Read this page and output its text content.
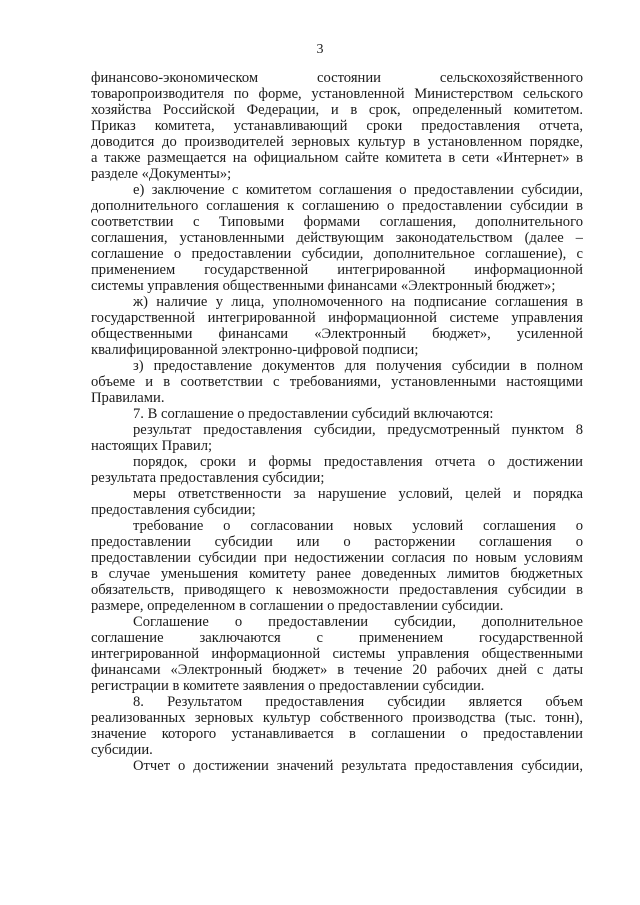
3
финансово-экономическом состоянии сельскохозяйственного
товаропроизводителя по форме, установленной Министерством сельского
хозяйства Российской Федерации, и в срок, определенный комитетом.
Приказ комитета, устанавливающий сроки предоставления отчета,
доводится до производителей зерновых культур в установленном порядке,
а также размещается на официальном сайте комитета в сети «Интернет» в
разделе «Документы»;
е) заключение с комитетом соглашения о предоставлении субсидии,
дополнительного соглашения к соглашению о предоставлении субсидии в
соответствии с Типовыми формами соглашения, дополнительного
соглашения, установленными действующим законодательством (далее –
соглашение о предоставлении субсидии, дополнительное соглашение), с
применением государственной интегрированной информационной
системы управления общественными финансами «Электронный бюджет»;
ж) наличие у лица, уполномоченного на подписание соглашения в
государственной интегрированной информационной системе управления
общественными финансами «Электронный бюджет», усиленной
квалифицированной электронно-цифровой подписи;
з) предоставление документов для получения субсидии в полном
объеме и в соответствии с требованиями, установленными настоящими
Правилами.
7. В соглашение о предоставлении субсидий включаются:
результат предоставления субсидии, предусмотренный пунктом 8
настоящих Правил;
порядок, сроки и формы предоставления отчета о достижении
результата предоставления субсидии;
меры ответственности за нарушение условий, целей и порядка
предоставления субсидии;
требование о согласовании новых условий соглашения о
предоставлении субсидии или о расторжении соглашения о
предоставлении субсидии при недостижении согласия по новым условиям
в случае уменьшения комитету ранее доведенных лимитов бюджетных
обязательств, приводящего к невозможности предоставления субсидии в
размере, определенном в соглашении о предоставлении субсидии.
Соглашение о предоставлении субсидии, дополнительное
соглашение заключаются с применением государственной
интегрированной информационной системы управления общественными
финансами «Электронный бюджет» в течение 20 рабочих дней с даты
регистрации в комитете заявления о предоставлении субсидии.
8. Результатом предоставления субсидии является объем
реализованных зерновых культур собственного производства (тыс. тонн),
значение которого устанавливается в соглашении о предоставлении
субсидии.
Отчет о достижении значений результата предоставления субсидии,
